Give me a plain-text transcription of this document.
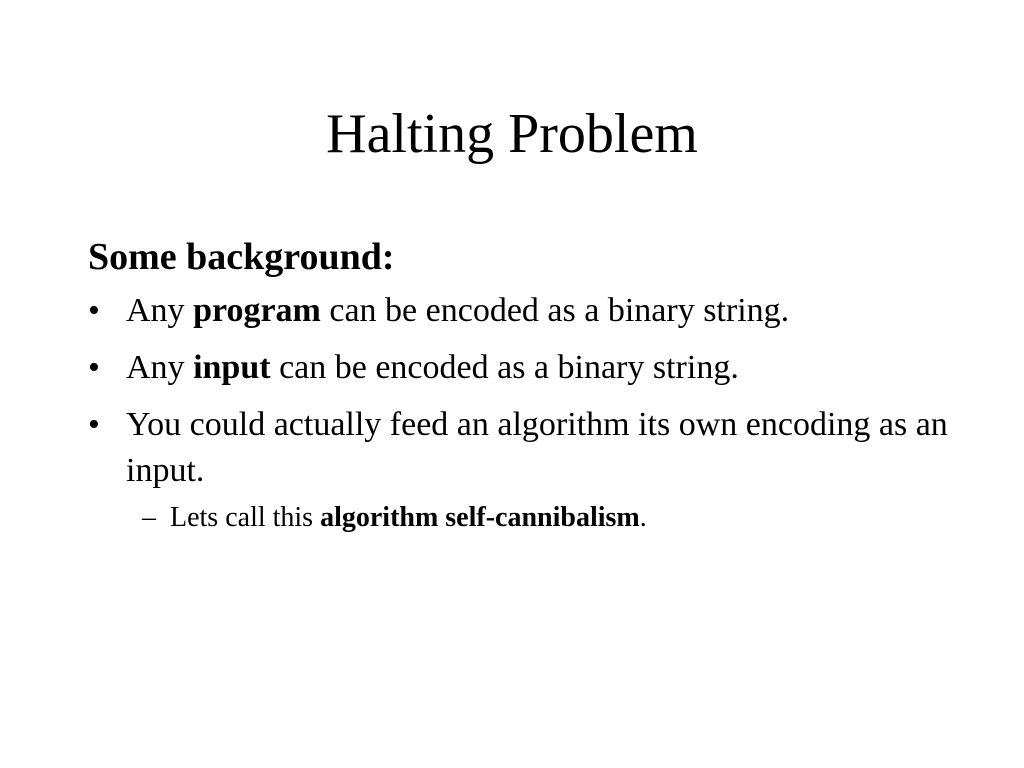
Halting Problem

Some background:

• Any program can be encoded as a binary string.
• Any input can be encoded as a binary string.
• You could actually feed an algorithm its own encoding as an input.
– Lets call this algorithm self-cannibalism.
